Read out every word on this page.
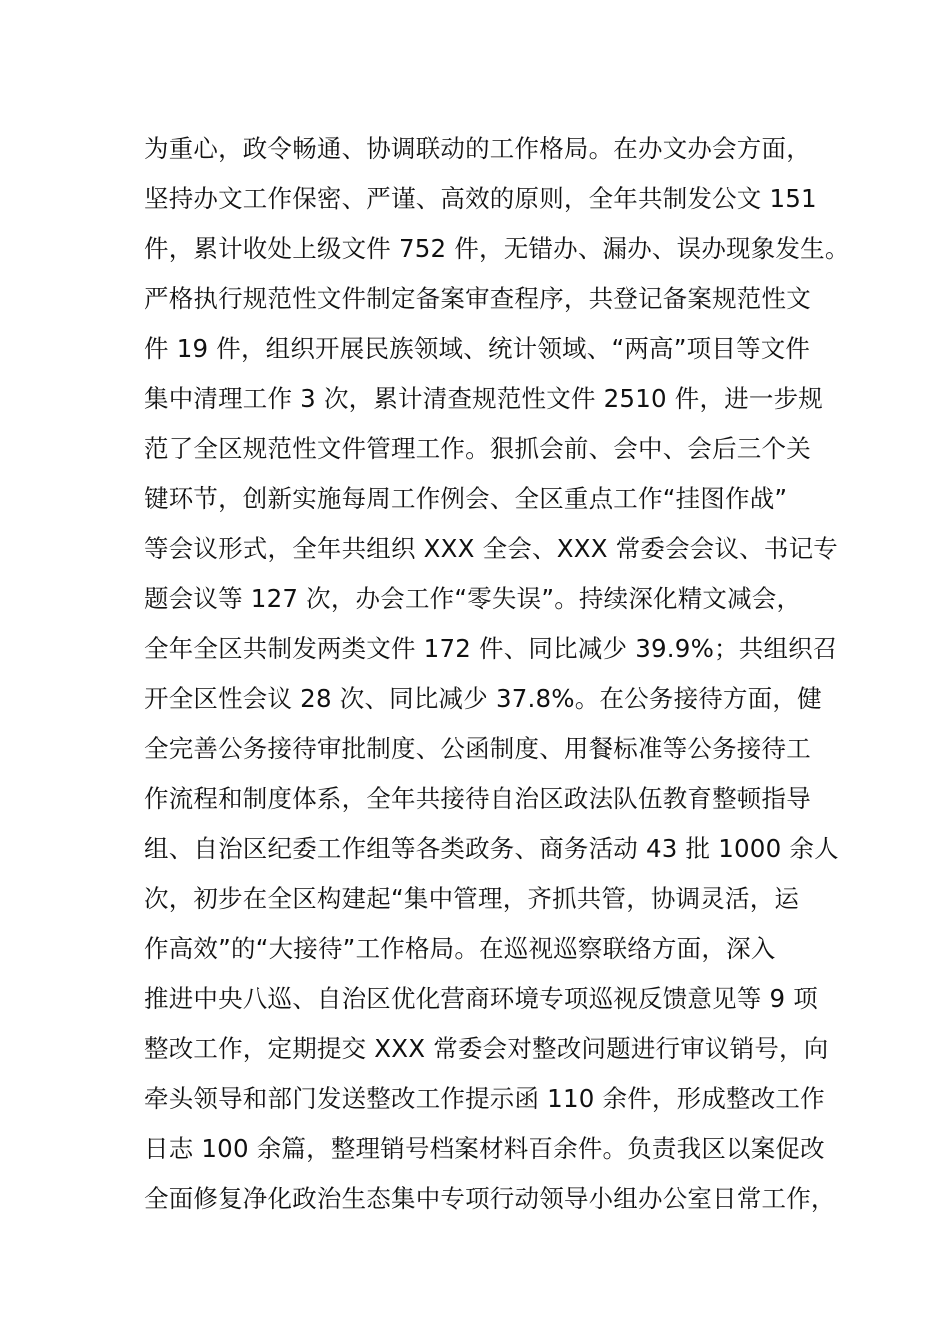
为重心，政令畅通、协调联动的工作格局。在办文办会方面，
坚持办文工作保密、严谨、高效的原则，全年共制发公文 151
件，累计收处上级文件 752 件，无错办、漏办、误办现象发生。
严格执行规范性文件制定备案审查程序，共登记备案规范性文
件 19 件，组织开展民族领域、统计领域、“两高”项目等文件
集中清理工作 3 次，累计清查规范性文件 2510 件，进一步规
范了全区规范性文件管理工作。狠抓会前、会中、会后三个关
键环节，创新实施每周工作例会、全区重点工作“挂图作战”
等会议形式，全年共组织 XXX 全会、XXX 常委会会议、书记专
题会议等 127 次，办会工作“零失误”。持续深化精文减会，
全年全区共制发两类文件 172 件、同比减少 39.9%；共组织召
开全区性会议 28 次、同比减少 37.8%。在公务接待方面，健
全完善公务接待审批制度、公函制度、用餐标准等公务接待工
作流程和制度体系，全年共接待自治区政法队伍教育整顿指导
组、自治区纪委工作组等各类政务、商务活动 43 批 1000 余人
次，初步在全区构建起“集中管理，齐抓共管，协调灵活，运
作高效”的“大接待”工作格局。在巡视巡察联络方面，深入
推进中央八巡、自治区优化营商环境专项巡视反馈意见等 9 项
整改工作，定期提交 XXX 常委会对整改问题进行审议销号，向
牵头领导和部门发送整改工作提示函 110 余件，形成整改工作
日志 100 余篇，整理销号档案材料百余件。负责我区以案促改
全面修复净化政治生态集中专项行动领导小组办公室日常工作，
